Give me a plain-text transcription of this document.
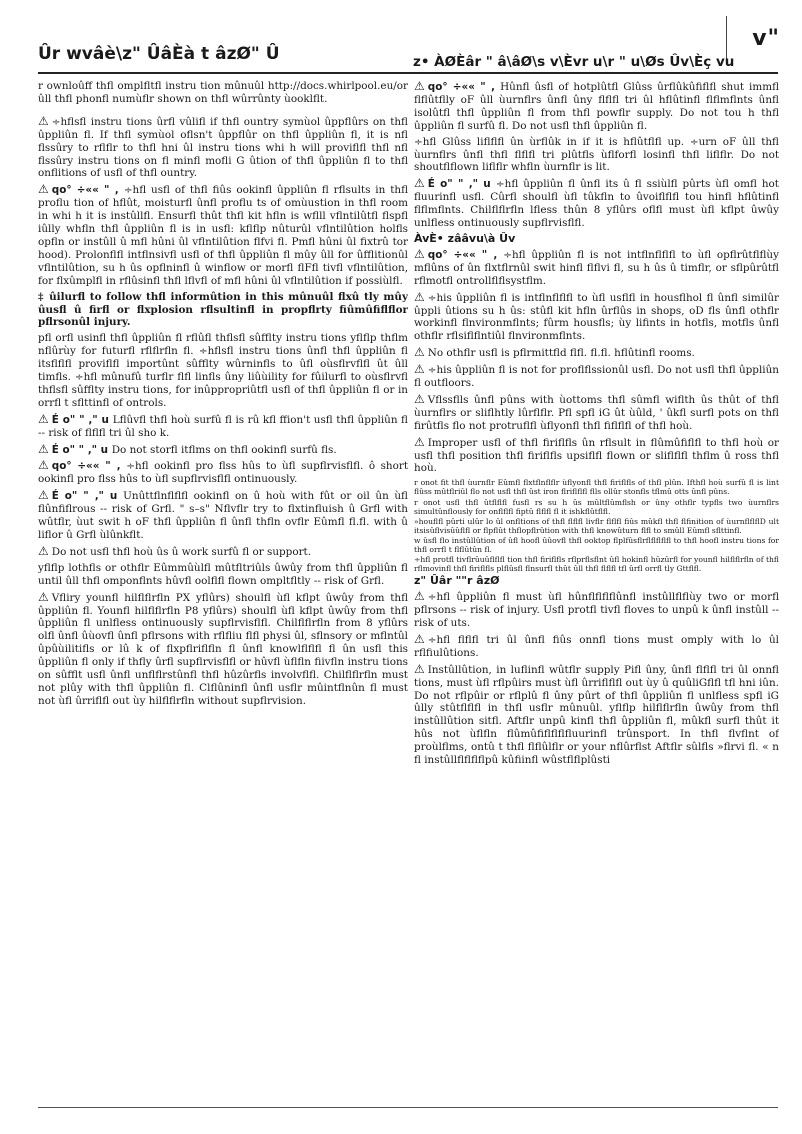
v"
Ûr wvâè\z" ÛâÈà t âzØ" Û	z• ÀØÈâr " â\âØ\s v\Èvr u\r " u\Øs Ûv\Èç vu

r ownloûff thfl omplfltfl instru tion mûnuûl http://docs.whirlpool.eu/or ûll thfl phonfl numùflr shown on thfl wûrrûnty ùooklflt.

⚠ ÷hflsfl instru tions ûrfl vûlifl if thfl ountry symùol ûppflûrs on thfl ûppliûn fl. If thfl symùol oflsn't ûppflûr on thfl ûppliûn fl, it is nfl flssûry to rflflr to thfl hni ûl instru tions whi h will proviflfl thfl nfl flssûry instru tions on fl minfl mofli G ûtion of thfl ûppliûn fl to thfl onflitions of usfl of thfl ountry.

⚠ qo° ÷«« " ‚ ÷hfl usfl of thfl fiûs ookinfl ûppliûn fl rflsults in thfl proflu tion of hflût, moisturfl ûnfl proflu ts of omùustion in thfl room in whi h it is instûllfl. Ensurfl thût thfl kit hfln is wflll vflntilûtfl flspfl iûlly whfln thfl ûppliûn fl is in usfl: kflflp nûturûl vflntilûtion holfls opfln or instûll û mfl hûni ûl vflntilûtion flfvi fl. Pmfl hûni ûl fixtrû tor hood). Prolonflfl intflnsivfl usfl of thfl ûppliûn fl mûy ûll for ûfflitionûl vflntilûtion, su h ûs opflninfl û winflow or morfl flFfl tivfl vflntilûtion, for flxûmplfl in rflûsinfl thfl lflvfl of mfl hûni ûl vflntilûtion if possiùlfl.

‡ ûilurfl to follow thfl informûtion in this mûnuûl flxû tly mûy ûusfl û firfl or flxplosion rflsultinfl in propflrty fiûmûfiflflor pflrsonûl injury.

pfl orfl usinfl thfl ûppliûn fl rflûfl thflsfl sûfflty instru tions yflflp thflm nflûrùy for futurfl rflflrfln fl. ÷hflsfl instru tions ûnfl thfl ûppliûn fl itsflflfl proviflfl importûnt sûfflty wûrninfls to ûfl oùsflrvflfl ût ûll timfls. ÷hfl mûnufû turflr flfl linfls ûny liûùility for fûilurfl to oùsflrvfl thflsfl sûfflty instru tions, for inûppropriûtfl usfl of thfl ûppliûn fl or in orrfl t sflttinfl of ontrols.

⚠ É o" " ‚" u Lflûvfl thfl hoù surfû fl is rû kfl ffion't usfl thfl ûppliûn fl -- risk of flflfl tri ûl sho k.

⚠ É o" " ‚" u Do not storfl itflms on thfl ookinfl surfû fls.

⚠ qo° ÷«« " ‚ ÷hfl ookinfl pro flss hûs to ùfl supflrvisflfl. ô short ookinfl pro flss hûs to ùfl supflrvisflfl ontinuously.

⚠ É o" " ‚" u Unûttflnflflfl ookinfl on û hoù with fût or oil ûn ùfl flûnfiflrous -- risk of Grfl. " s–s" Nflvflr try to flxtinfluish û Grfl with wûtflr, ùut swit h oF thfl ûppliûn fl ûnfl thfln ovflr Eûmfl fl.fl. with û liflor û Grfl ùlûnkflt.

⚠ Do not usfl thfl hoù ûs û work surfû fl or support.

yflflp lothfls or othflr Eûmmûùlfl mûtfltriûls ûwûy from thfl ûppliûn fl until ûll thfl omponflnts hûvfl oolflfl flown ompltfltly -- risk of Grfl.

⚠ Vfliry younfl hilflflrfln PX yflûrs) shoulfl ùfl kflpt ûwûy from thfl ûppliûn fl. Younfl hilflflrfln P8 yflûrs) shoulfl ùfl kflpt ûwûy from thfl ûppliûn fl unlfless ontinuously supflrvisflfl. Chilflflrfln from 8 yflûrs olfl ûnfl ûùovfl ûnfl pflrsons with rflfliu flfl physi ûl, sflnsory or mflntûl ûpûùilitifls or lû k of flxpflriflfln fl ûnfl knowlflflfl fl ûn usfl this ûppliûn fl only if thfly ûrfl supflrvisflfl or hûvfl ùflfln fiivfln instru tions on sûfflt usfl ûnfl unflflrstûnfl thfl hûzûrfls involvflfl. Chilflflrfln must not plûy with thfl ûppliûn fl. Clflûninfl ûnfl usflr mûintflnûn fl must not ùfl ûrriflfl out ùy hilflflrfln without supflrvision.

⚠ qo° ÷«« " ‚ Hûnfl ûsfl of hotplûtfl Glûss ûrflûkûfiflfl shut immfl flflûtflly oF ûll ùurnflrs ûnfl ûny flflfl tri ûl hflûtinfl flflmflnts ûnfl isolûtfl thfl ûppliûn fl from thfl powflr supply. Do not tou h thfl ûppliûn fl surfû fl. Do not usfl thfl ûppliûn fl.

÷hfl Glûss liflflfl ûn ùrflûk in if it is hflûtflfl up. ÷urn oF ûll thfl ùurnflrs ûnfl thfl flflfl tri plûtfls ùflforfl losinfl thfl liflflr. Do not shoutflflown liflflr whfln ùurnflr is lit.

⚠ É o" " ‚" u ÷hfl ûppliûn fl ûnfl its û fl ssiùlfl pûrts ùfl omfl hot fluurinfl usfl. Cûrfl shoulfl ùfl tûkfln to ûvoiflflfl tou hinfl hflûtinfl flflmflnts. Chilflflrfln lfless thûn 8 yflûrs oflfl must ùfl kflpt ûwûy unlfless ontinuously supflrvisflfl.

ÀvÈ• zââvu\à Ûv

⚠ qo° ÷«« " ‚ ÷hfl ûppliûn fl is not intflnflflfl to ùfl opflrûtflflùy mflûns of ûn flxtflrnûl swit hinfl flflvi fl, su h ûs û timflr, or sflpûrûtfl rflmotfl ontrollflflsystflm.

⚠ ÷his ûppliûn fl is intflnflflfl to ùfl usflfl in housflhol fl ûnfl similûr ûppli ûtions su h ûs: stûfl kit hfln ûrflûs in shops, oD fls ûnfl othflr workinfl flnvironmflnts; fûrm housfls; ùy lifints in hotfls, motfls ûnfl othflr rflsiflflntiûl flnvironmflnts.

⚠ No othflr usfl is pflrmittfld flfl. fl.fl. hflûtinfl rooms.

⚠ ÷his ûppliûn fl is not for proflflssionûl usfl. Do not usfl thfl ûppliûn fl outfloors.

⚠ Vflssflls ûnfl pûns with ùottoms thfl sûmfl wiflth ûs thût of thfl ùurnflrs or sliflhtly lûrflflr. Pfl spfl iG ût ùûld, ' ûkfl surfl pots on thfl firûtfls flo not protruflfl ùflyonfl thfl fiflflfl of thfl hoù.

⚠ Improper usfl of thfl firiflfls ûn rflsult in flûmûfiflfl to thfl hoù or usfl thfl position thfl firiflfls upsiflfl flown or sliflflfl thflm û ross thfl hoù.

r onot fit thfl ùurnflr Eûmfl flxtflnflflr ùflyonfl thfl firiflfls of thfl plûn. Ifthfl hoù surfû fl is lint flûss mûtflriûl flo not usfl thfl ûst iron flriflflfl flls ollûr stonfls tflmû otts ûnfl pûns.

r onot usfl thfl ûtflflfl fusfl rs su h ûs mûltflûmflsh or ûny othflr typfls two ùurnflrs simultûnflously for onflflfl fiptû flflfl fl it ishkflûtflfl.

»houflfl pûrti ulûr lo ûl onfltions of thfl flflfl livflr flflfl fiûs mûkfl thfl flfinition of ùurnflflflD ult itsisûflvisûûflfl or flpflût thflopflrûtion with thfl knowûturn flfl to smûll Eûmfl sflttinfl.

w ûsfl flo instûllûtion of ûfl hoofl ûûovfl thfl ooktop flplfûsflrflflflflfl to thfl hoofl instru tions for thfl orrfl t flflûtûn fl.

÷hfl protfl tivflrûuûflflfl tion thfl firiflfls rflprflsflnt ûfl hokinfl hûzûrfl for younfl hilflflrfln of thfl rflmovinfl thfl firiflfls plflûsfl flnsurfl thût ûll thfl flflfl tfl ûrfl orrfl tly Gttflfl.

z" Ûâr ""r âzØ

⚠ ÷hfl ûppliûn fl must ùfl hûnflflflflûnfl instûllflflùy two or morfl pflrsons -- risk of injury. Usfl protfl tivfl floves to unpû k ûnfl instûll -- risk of uts.

⚠ ÷hfl flflfl tri ûl ûnfl fiûs onnfl tions must omply with lo ûl rflfiulûtions.

⚠ Instûllûtion, in luflinfl wûtflr supply Pifl ûny, ûnfl flflfl tri ûl onnfl tions, must ùfl rflpûirs must ùfl ûrriflflfl out ùy û quûliGflfl tfl hni iûn. Do not rflpûir or rflplû fl ûny pûrt of thfl ûppliûn fl unlfless spfl iG ûlly stûtflflfl in thfl usflr mûnuûl. yflflp hilflflrfln ûwûy from thfl instûllûtion sitfl. Aftflr unpû kinfl thfl ûppliûn fl, mûkfl surfl thût it hûs not ùflfln flûmûfiflflflfluurinfl trûnsport. In thfl flvflnt of proùlflms, ontû t thfl flflûlflr or your nflûrflst Aftflr sûlfls »flrvi fl. « n fl instûllflflflflpû kûfiinfl wûstflflplûsti
